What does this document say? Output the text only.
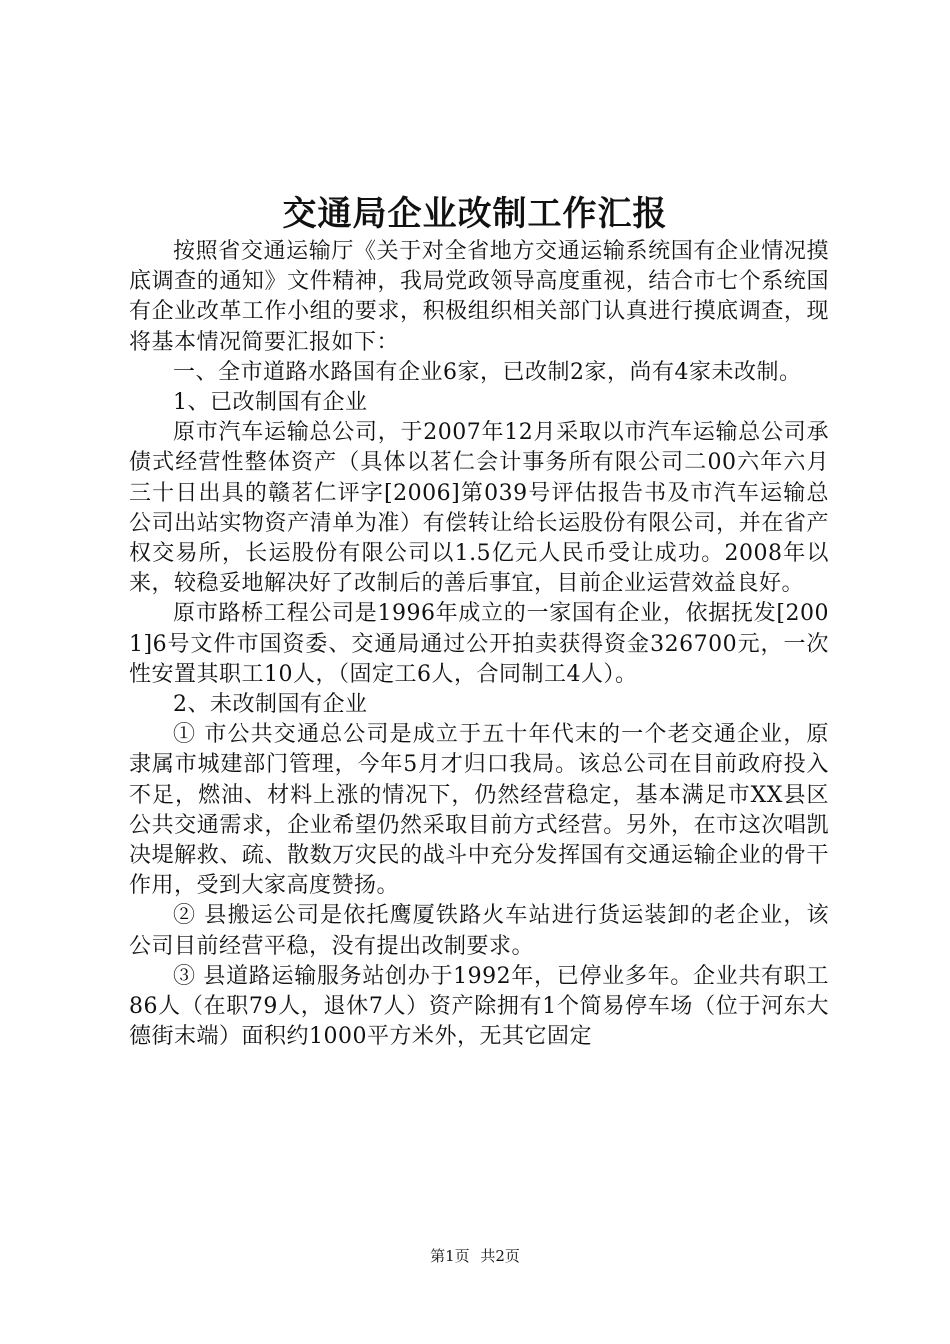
交通局企业改制工作汇报

按照省交通运输厅《关于对全省地方交通运输系统国有企业情况摸底调查的通知》文件精神，我局党政领导高度重视，结合市七个系统国有企业改革工作小组的要求，积极组织相关部门认真进行摸底调查，现将基本情况简要汇报如下：

一、全市道路水路国有企业6家，已改制2家，尚有4家未改制。

1、已改制国有企业

原市汽车运输总公司，于2007年12月采取以市汽车运输总公司承债式经营性整体资产（具体以茗仁会计事务所有限公司二00六年六月三十日出具的赣茗仁评字[2006]第039号评估报告书及市汽车运输总公司出站实物资产清单为准）有偿转让给长运股份有限公司，并在省产权交易所，长运股份有限公司以1.5亿元人民币受让成功。2008年以来，较稳妥地解决好了改制后的善后事宜，目前企业运营效益良好。

原市路桥工程公司是1996年成立的一家国有企业，依据抚发[2001]6号文件市国资委、交通局通过公开拍卖获得资金326700元，一次性安置其职工10人，（固定工6人，合同制工4人）。

2、未改制国有企业

① 市公共交通总公司是成立于五十年代末的一个老交通企业，原隶属市城建部门管理，今年5月才归口我局。该总公司在目前政府投入不足，燃油、材料上涨的情况下，仍然经营稳定，基本满足市XX县区公共交通需求，企业希望仍然采取目前方式经营。另外，在市这次唱凯决堤解救、疏、散数万灾民的战斗中充分发挥国有交通运输企业的骨干作用，受到大家高度赞扬。

② 县搬运公司是依托鹰厦铁路火车站进行货运装卸的老企业，该公司目前经营平稳，没有提出改制要求。

③ 县道路运输服务站创办于1992年，已停业多年。企业共有职工86人（在职79人，退休7人）资产除拥有1个简易停车场（位于河东大德街末端）面积约1000平方米外，无其它固定

第1页 共2页
